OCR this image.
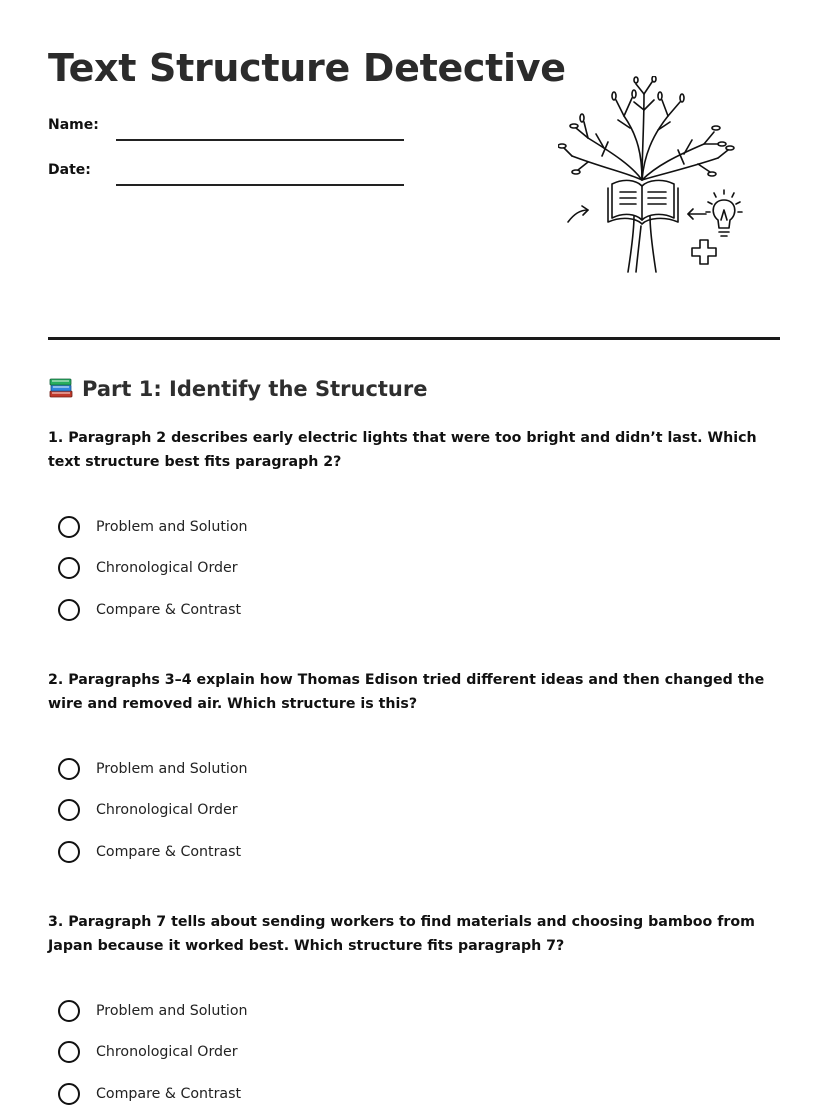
Text Structure Detective
Name:
Date:
Part 1: Identify the Structure

1. Paragraph 2 describes early electric lights that were too bright and didn’t last. Which text structure best fits paragraph 2?

Problem and Solution
Chronological Order
Compare & Contrast

2. Paragraphs 3–4 explain how Thomas Edison tried different ideas and then changed the wire and removed air. Which structure is this?

Problem and Solution
Chronological Order
Compare & Contrast

3. Paragraph 7 tells about sending workers to find materials and choosing bamboo from Japan because it worked best. Which structure fits paragraph 7?

Problem and Solution
Chronological Order
Compare & Contrast
